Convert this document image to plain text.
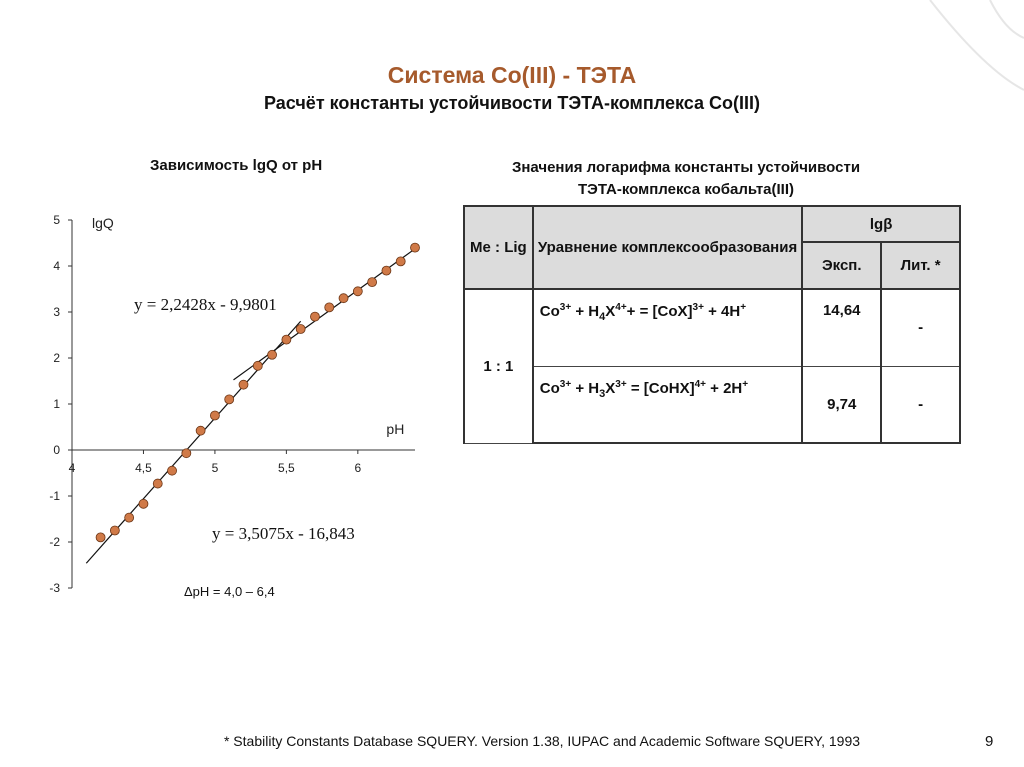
Система Co(III) - ТЭТА
Расчёт константы устойчивости ТЭТА-комплекса Co(III)
Зависимость lgQ от pH	Значения логарифма константы устойчивости
ТЭТА-комплекса кобальта(III)
5
4
3
2
1
0
-1
-2
-3
4	4,5	5	5,5	6
lgQ
pH
y = 2,2428x - 9,9801
y = 3,5075x - 16,843
ΔpH = 4,0 – 6,4
Me : Lig	Уравнение комплексообразования	lgβ	
		Эксп.	Лит. *
1 : 1	$Co^{3+} + H_4X^{4+}+ = [CoX]^{3+} + 4H^+$	14,64	-
	$Co^{3+} + H_3X^{3+}$ = [CoHX]$^{4+}$ + 2H+	9,74	-
* Stability Constants Database SQUERY. Version 1.38, IUPAC and Academic Software SQUERY, 1993	9
